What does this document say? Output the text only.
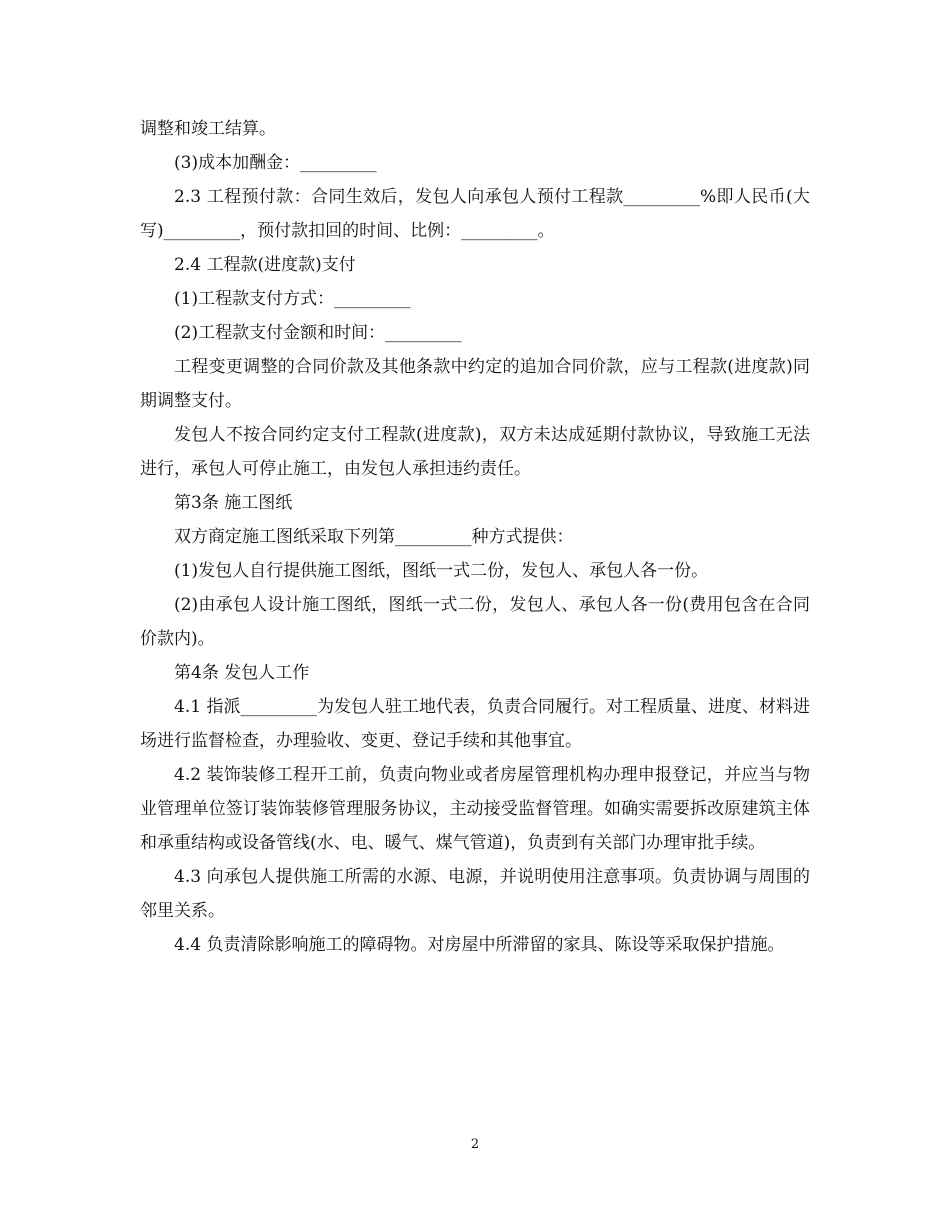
调整和竣工结算。

(3)成本加酬金：_________

2.3 工程预付款：合同生效后，发包人向承包人预付工程款_________%即人民币(大写)_________，预付款扣回的时间、比例：_________。

2.4 工程款(进度款)支付

(1)工程款支付方式：_________

(2)工程款支付金额和时间：_________

工程变更调整的合同价款及其他条款中约定的追加合同价款，应与工程款(进度款)同期调整支付。

发包人不按合同约定支付工程款(进度款)，双方未达成延期付款协议，导致施工无法进行，承包人可停止施工，由发包人承担违约责任。

第3条 施工图纸

双方商定施工图纸采取下列第_________种方式提供：

(1)发包人自行提供施工图纸，图纸一式二份，发包人、承包人各一份。

(2)由承包人设计施工图纸，图纸一式二份，发包人、承包人各一份(费用包含在合同价款内)。

第4条 发包人工作

4.1 指派_________为发包人驻工地代表，负责合同履行。对工程质量、进度、材料进场进行监督检查，办理验收、变更、登记手续和其他事宜。

4.2 装饰装修工程开工前，负责向物业或者房屋管理机构办理申报登记，并应当与物业管理单位签订装饰装修管理服务协议，主动接受监督管理。如确实需要拆改原建筑主体和承重结构或设备管线(水、电、暖气、煤气管道)，负责到有关部门办理审批手续。

4.3 向承包人提供施工所需的水源、电源，并说明使用注意事项。负责协调与周围的邻里关系。

4.4 负责清除影响施工的障碍物。对房屋中所滞留的家具、陈设等采取保护措施。

2
